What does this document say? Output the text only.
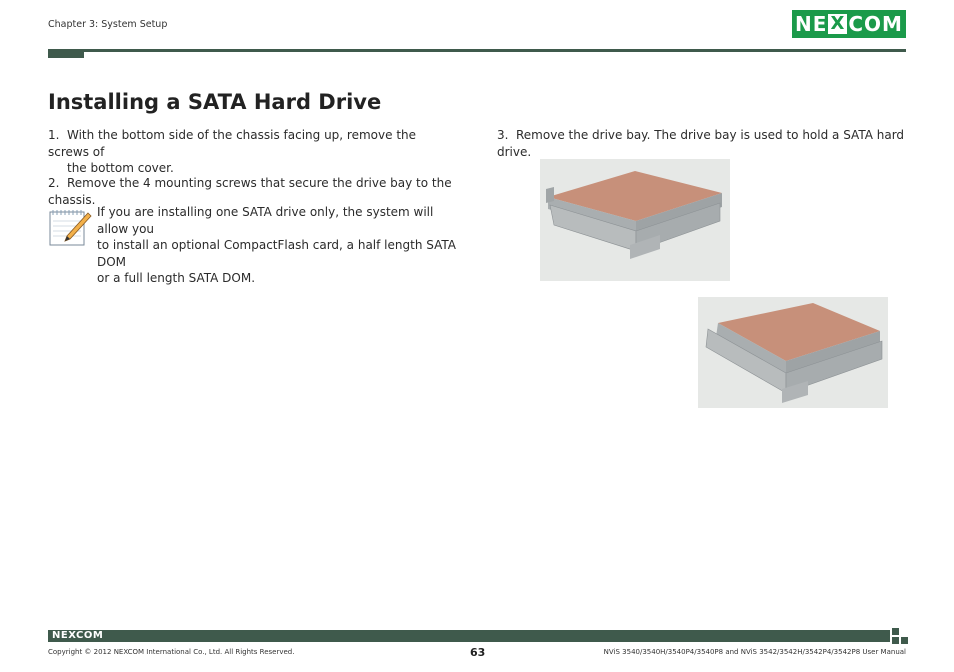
Chapter 3: System Setup	NE X COM
Installing a SATA Hard Drive
1. With the bottom side of the chassis facing up, remove the screws of
the bottom cover.
2. Remove the 4 mounting screws that secure the drive bay to the chassis.
If you are installing one SATA drive only, the system will allow you
to install an optional CompactFlash card, a half length SATA DOM
or a full length SATA DOM.
3. Remove the drive bay. The drive bay is used to hold a SATA hard drive.
NEXCOM
Copyright © 2012 NEXCOM International Co., Ltd. All Rights Reserved.	63	NViS 3540/3540H/3540P4/3540P8 and NViS 3542/3542H/3542P4/3542P8 User Manual
